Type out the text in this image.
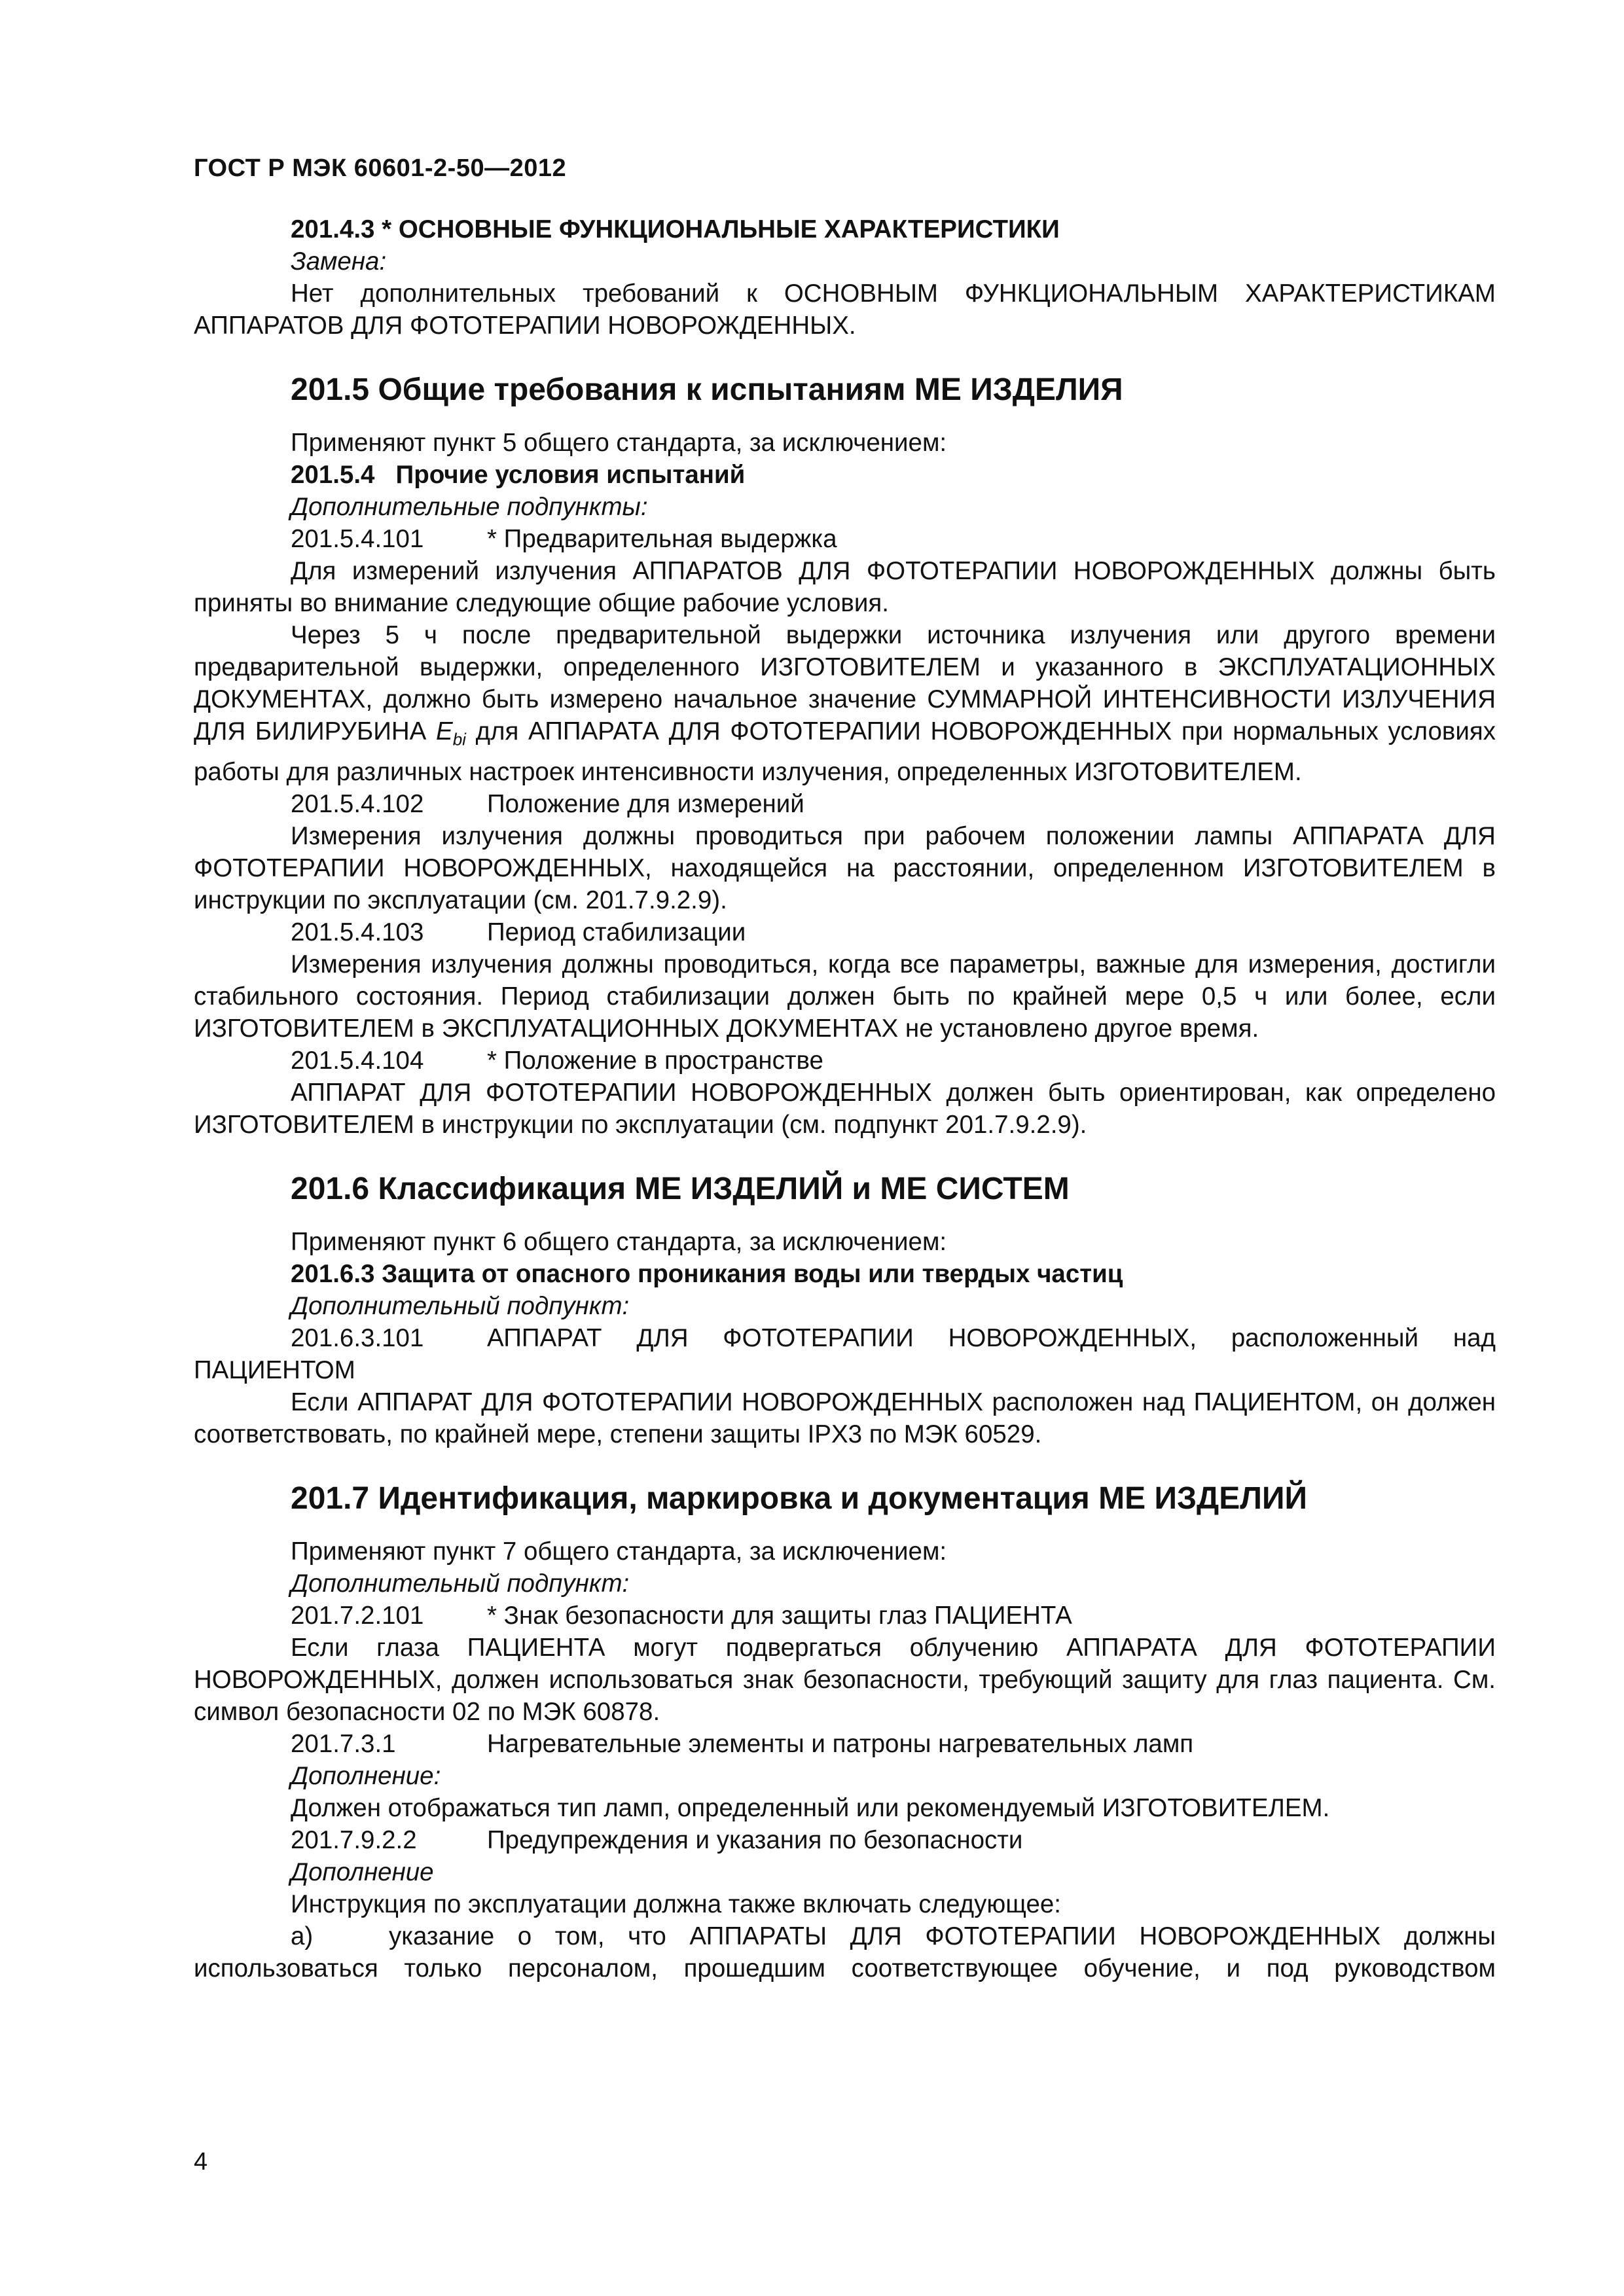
ГОСТ Р МЭК 60601-2-50—2012

201.4.3 * ОСНОВНЫЕ ФУНКЦИОНАЛЬНЫЕ ХАРАКТЕРИСТИКИ

Замена:

Нет дополнительных требований к ОСНОВНЫМ ФУНКЦИОНАЛЬНЫМ ХАРАКТЕРИСТИКАМ АППАРАТОВ ДЛЯ ФОТОТЕРАПИИ НОВОРОЖДЕННЫХ.

201.5 Общие требования к испытаниям МЕ ИЗДЕЛИЯ

Применяют пункт 5 общего стандарта, за исключением:

201.5.4   Прочие условия испытаний

Дополнительные подпункты:

201.5.4.101	* Предварительная выдержка

Для измерений излучения АППАРАТОВ ДЛЯ ФОТОТЕРАПИИ НОВОРОЖДЕННЫХ должны быть приняты во внимание следующие общие рабочие условия.

Через 5 ч после предварительной выдержки источника излучения или другого времени предварительной выдержки, определенного ИЗГОТОВИТЕЛЕМ и указанного в ЭКСПЛУАТАЦИОННЫХ ДОКУМЕНТАХ, должно быть измерено начальное значение СУММАРНОЙ ИНТЕНСИВНОСТИ ИЗЛУЧЕНИЯ ДЛЯ БИЛИРУБИНА $E_{bi}$ для АППАРАТА ДЛЯ ФОТОТЕРАПИИ НОВОРОЖДЕННЫХ при нормальных условиях работы для различных настроек интенсивности излучения, определенных ИЗГОТОВИТЕЛЕМ.

201.5.4.102	Положение для измерений

Измерения излучения должны проводиться при рабочем положении лампы АППАРАТА ДЛЯ ФОТОТЕРАПИИ НОВОРОЖДЕННЫХ, находящейся на расстоянии, определенном ИЗГОТОВИТЕЛЕМ в инструкции по эксплуатации (см. 201.7.9.2.9).

201.5.4.103	Период стабилизации

Измерения излучения должны проводиться, когда все параметры, важные для измерения, достигли стабильного состояния. Период стабилизации должен быть по крайней мере 0,5 ч или более, если ИЗГОТОВИТЕЛЕМ в ЭКСПЛУАТАЦИОННЫХ ДОКУМЕНТАХ не установлено другое время.

201.5.4.104	* Положение в пространстве

АППАРАТ ДЛЯ ФОТОТЕРАПИИ НОВОРОЖДЕННЫХ должен быть ориентирован, как определено ИЗГОТОВИТЕЛЕМ в инструкции по эксплуатации (см. подпункт 201.7.9.2.9).

201.6 Классификация МЕ ИЗДЕЛИЙ и МЕ СИСТЕМ

Применяют пункт 6 общего стандарта, за исключением:

201.6.3 Защита от опасного проникания воды или твердых частиц

Дополнительный подпункт:

201.6.3.101	АППАРАТ ДЛЯ ФОТОТЕРАПИИ НОВОРОЖДЕННЫХ, расположенный над

ПАЦИЕНТОМ

Если АППАРАТ ДЛЯ ФОТОТЕРАПИИ НОВОРОЖДЕННЫХ расположен над ПАЦИЕНТОМ, он должен соответствовать, по крайней мере, степени защиты IPX3 по МЭК 60529.

201.7 Идентификация, маркировка и документация МЕ ИЗДЕЛИЙ

Применяют пункт 7 общего стандарта, за исключением:

Дополнительный подпункт:

201.7.2.101	* Знак безопасности для защиты глаз ПАЦИЕНТА

Если глаза ПАЦИЕНТА могут подвергаться облучению АППАРАТА ДЛЯ ФОТОТЕРАПИИ НОВОРОЖДЕННЫХ, должен использоваться знак безопасности, требующий защиту для глаз пациента. См. символ безопасности 02 по МЭК 60878.

201.7.3.1	Нагревательные элементы и патроны нагревательных ламп

Дополнение:

Должен отображаться тип ламп, определенный или рекомендуемый ИЗГОТОВИТЕЛЕМ.

201.7.9.2.2	Предупреждения и указания по безопасности

Дополнение

Инструкция по эксплуатации должна также включать следующее:

a)	указание о том, что АППАРАТЫ ДЛЯ ФОТОТЕРАПИИ НОВОРОЖДЕННЫХ должны

использоваться только персоналом, прошедшим соответствующее обучение, и под руководством

4
